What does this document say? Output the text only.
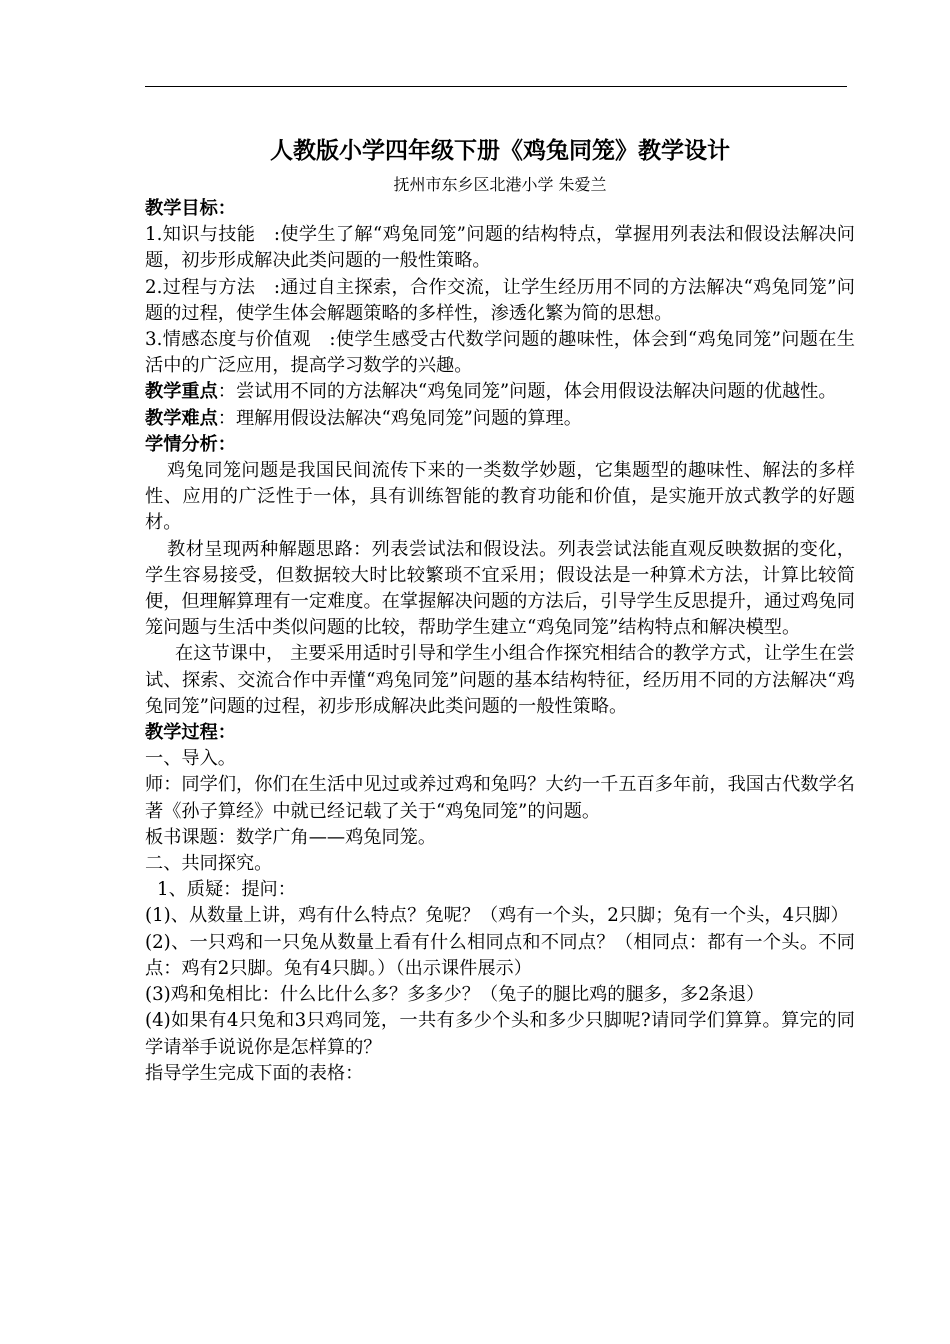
人教版小学四年级下册《鸡兔同笼》教学设计
抚州市东乡区北港小学 朱爱兰

教学目标：

1.知识与技能　:使学生了解“鸡兔同笼”问题的结构特点，掌握用列表法和假设法解决问题，初步形成解决此类问题的一般性策略。

2.过程与方法　:通过自主探索，合作交流，让学生经历用不同的方法解决“鸡兔同笼”问题的过程，使学生体会解题策略的多样性，渗透化繁为简的思想。

3.情感态度与价值观　:使学生感受古代数学问题的趣味性，体会到“鸡兔同笼”问题在生活中的广泛应用，提高学习数学的兴趣。

教学重点：尝试用不同的方法解决“鸡兔同笼”问题，体会用假设法解决问题的优越性。

教学难点：理解用假设法解决“鸡兔同笼”问题的算理。

学情分析：

鸡兔同笼问题是我国民间流传下来的一类数学妙题，它集题型的趣味性、解法的多样性、应用的广泛性于一体，具有训练智能的教育功能和价值，是实施开放式教学的好题材。

教材呈现两种解题思路：列表尝试法和假设法。列表尝试法能直观反映数据的变化，学生容易接受，但数据较大时比较繁琐不宜采用；假设法是一种算术方法，计算比较简便，但理解算理有一定难度。在掌握解决问题的方法后，引导学生反思提升，通过鸡兔同笼问题与生活中类似问题的比较，帮助学生建立“鸡兔同笼”结构特点和解决模型。

在这节课中， 主要采用适时引导和学生小组合作探究相结合的教学方式，让学生在尝试、探索、交流合作中弄懂“鸡兔同笼”问题的基本结构特征，经历用不同的方法解决“鸡兔同笼”问题的过程，初步形成解决此类问题的一般性策略。

教学过程：

一、导入。

师：同学们，你们在生活中见过或养过鸡和兔吗？大约一千五百多年前，我国古代数学名著《孙子算经》中就已经记载了关于“鸡兔同笼”的问题。

板书课题：数学广角——鸡兔同笼。

二、共同探究。

1、质疑：提问：

(1)、从数量上讲，鸡有什么特点？兔呢？（鸡有一个头，2只脚；兔有一个头，4只脚）

(2)、一只鸡和一只兔从数量上看有什么相同点和不同点？（相同点：都有一个头。不同点：鸡有2只脚。兔有4只脚。）（出示课件展示）

(3)鸡和兔相比：什么比什么多？多多少？（兔子的腿比鸡的腿多，多2条退）

(4)如果有4只兔和3只鸡同笼，一共有多少个头和多少只脚呢?请同学们算算。算完的同学请举手说说你是怎样算的？

指导学生完成下面的表格：
